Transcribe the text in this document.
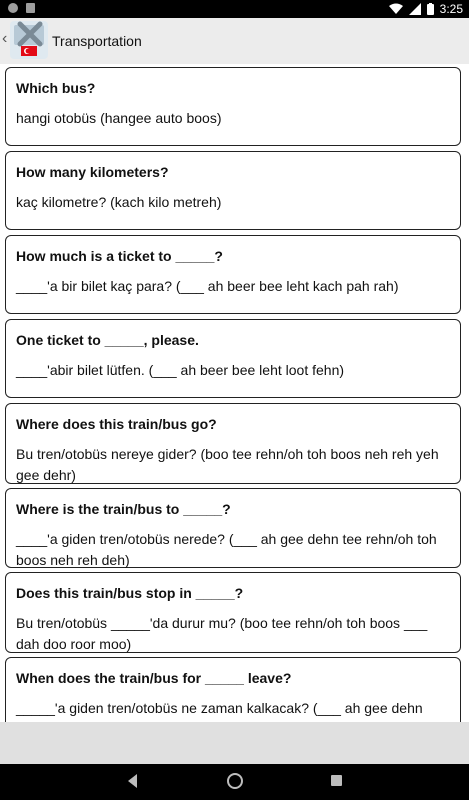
3:25
‹	Transportation
Which bus?
hangi otobüs (hangee auto boos)
How many kilometers?
kaç kilometre? (kach kilo metreh)
How much is a ticket to _____?
____'a bir bilet kaç para? (___ ah beer bee leht kach pah rah)
One ticket to _____, please.
____'abir bilet lütfen. (___ ah beer bee leht loot fehn)
Where does this train/bus go?
Bu tren/otobüs nereye gider? (boo tee rehn/oh toh boos neh reh yeh gee dehr)
Where is the train/bus to _____?
____'a giden tren/otobüs nerede? (___ ah gee dehn tee rehn/oh toh boos neh reh deh)
Does this train/bus stop in _____?
Bu tren/otobüs _____'da durur mu? (boo tee rehn/oh toh boos ___ dah doo roor moo)
When does the train/bus for _____ leave?
_____'a giden tren/otobüs ne zaman kalkacak? (___ ah gee dehn
